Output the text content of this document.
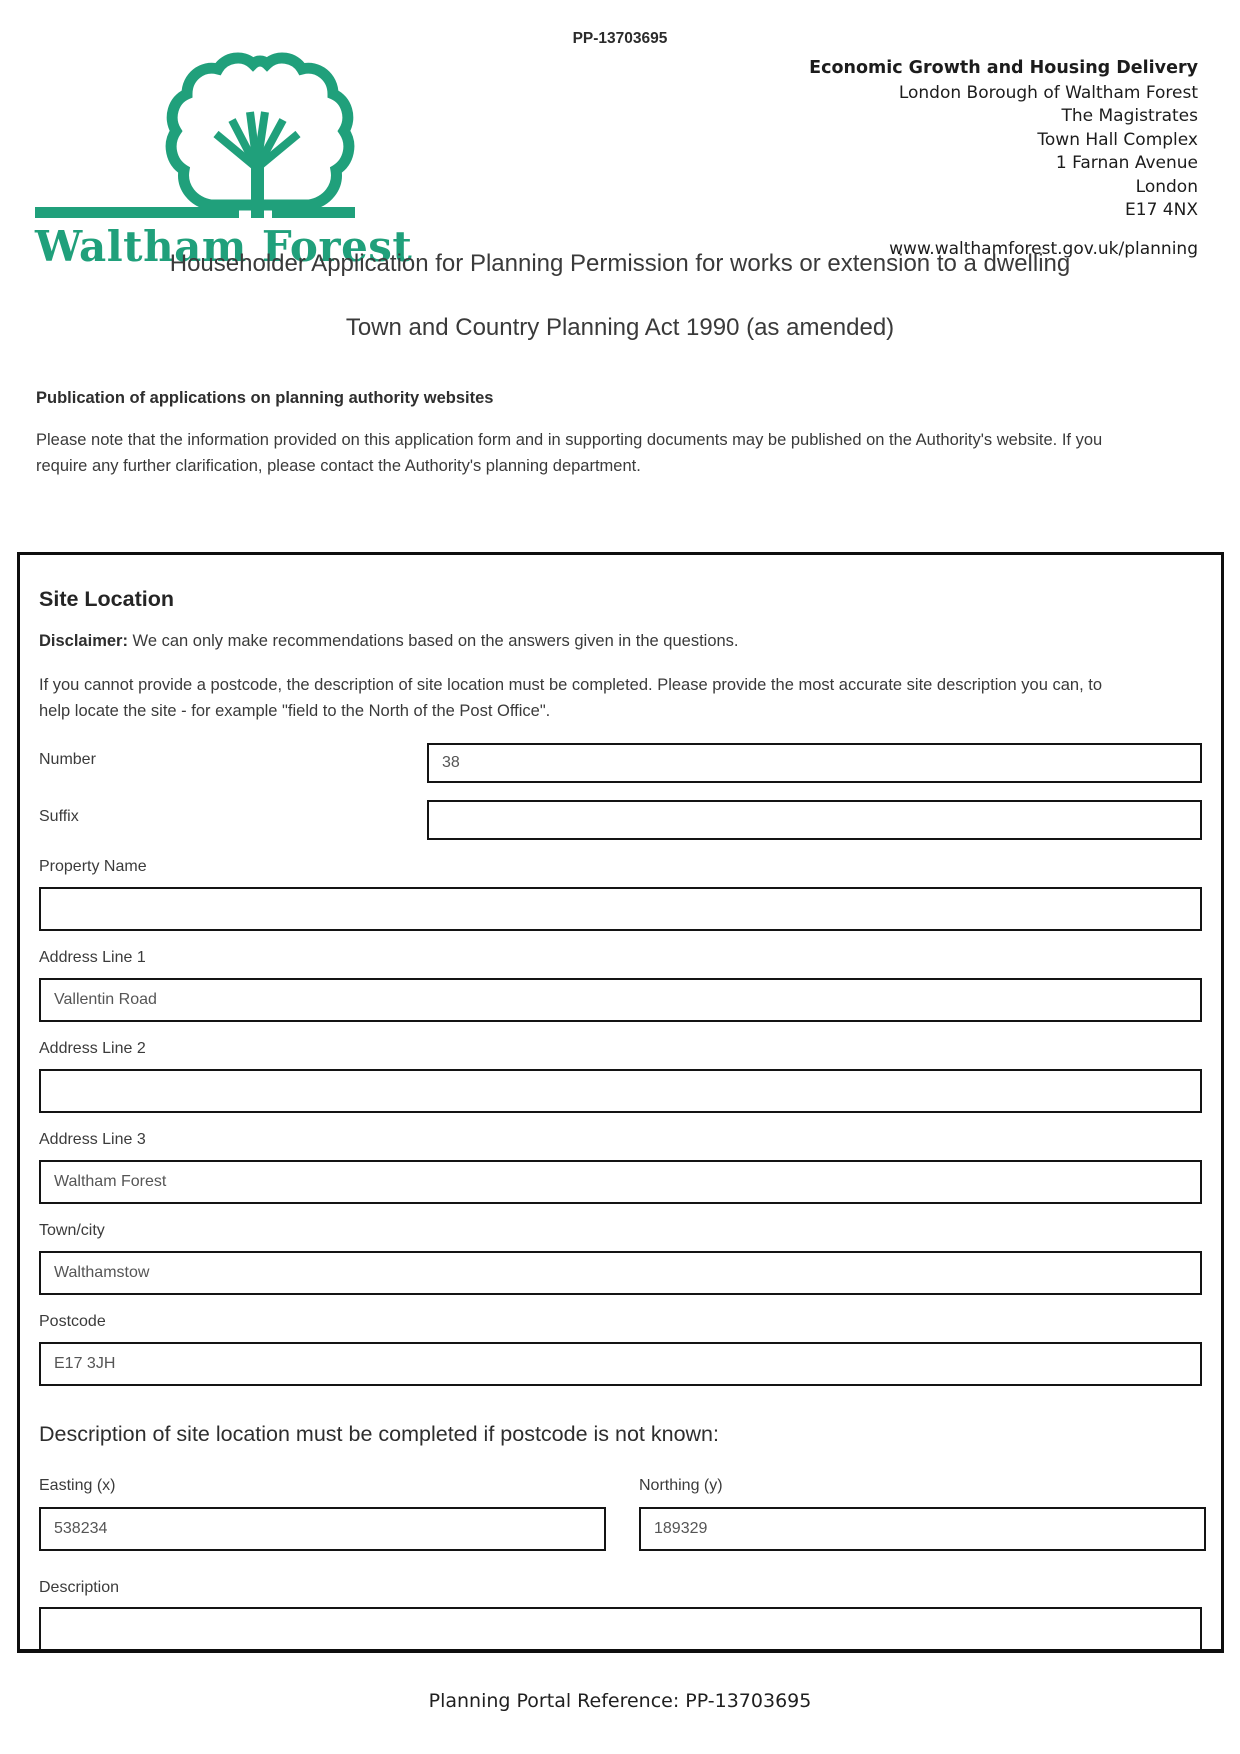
PP-13703695
Waltham Forest
Economic Growth and Housing Delivery
London Borough of Waltham Forest
The Magistrates
Town Hall Complex
1 Farnan Avenue
London
E17 4NX
www.walthamforest.gov.uk/planning
Householder Application for Planning Permission for works or extension to a dwelling
Town and Country Planning Act 1990 (as amended)
Publication of applications on planning authority websites
Please note that the information provided on this application form and in supporting documents may be published on the Authority's website. If you
require any further clarification, please contact the Authority's planning department.
Site Location
Disclaimer: We can only make recommendations based on the answers given in the questions.
If you cannot provide a postcode, the description of site location must be completed. Please provide the most accurate site description you can, to
help locate the site - for example "field to the North of the Post Office".
Number
38
Suffix
Property Name
Address Line 1
Vallentin Road
Address Line 2
Address Line 3
Waltham Forest
Town/city
Walthamstow
Postcode
E17 3JH
Description of site location must be completed if postcode is not known:
Easting (x)
538234	Northing (y)
189329
Description
Planning Portal Reference: PP-13703695
